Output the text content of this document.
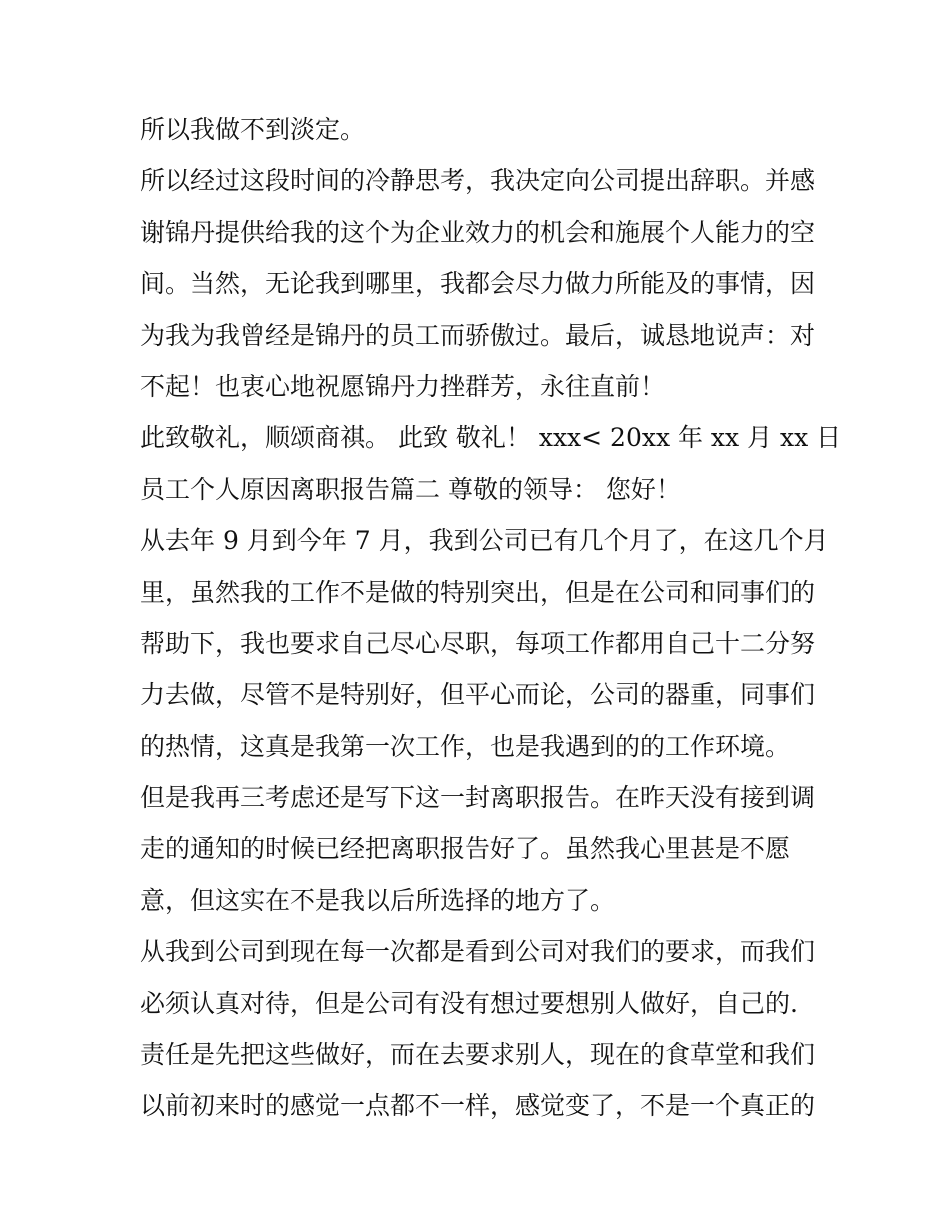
所以我做不到淡定。
所以经过这段时间的冷静思考，我决定向公司提出辞职。并感
谢锦丹提供给我的这个为企业效力的机会和施展个人能力的空
间。当然，无论我到哪里，我都会尽力做力所能及的事情，因
为我为我曾经是锦丹的员工而骄傲过。最后，诚恳地说声：对
不起！也衷心地祝愿锦丹力挫群芳，永往直前！
此致敬礼，顺颂商祺。 此致 敬礼！ xxx< 20xx 年 xx 月 xx 日
员工个人原因离职报告篇二 尊敬的领导： 您好！
从去年 9 月到今年 7 月，我到公司已有几个月了，在这几个月
里，虽然我的工作不是做的特别突出，但是在公司和同事们的
帮助下，我也要求自己尽心尽职，每项工作都用自己十二分努
力去做，尽管不是特别好，但平心而论，公司的器重，同事们
的热情，这真是我第一次工作，也是我遇到的的工作环境。
但是我再三考虑还是写下这一封离职报告。在昨天没有接到调
走的通知的时候已经把离职报告好了。虽然我心里甚是不愿
意，但这实在不是我以后所选择的地方了。
从我到公司到现在每一次都是看到公司对我们的要求，而我们
必须认真对待，但是公司有没有想过要想别人做好，自己的.
责任是先把这些做好，而在去要求别人，现在的食草堂和我们
以前初来时的感觉一点都不一样，感觉变了，不是一个真正的
